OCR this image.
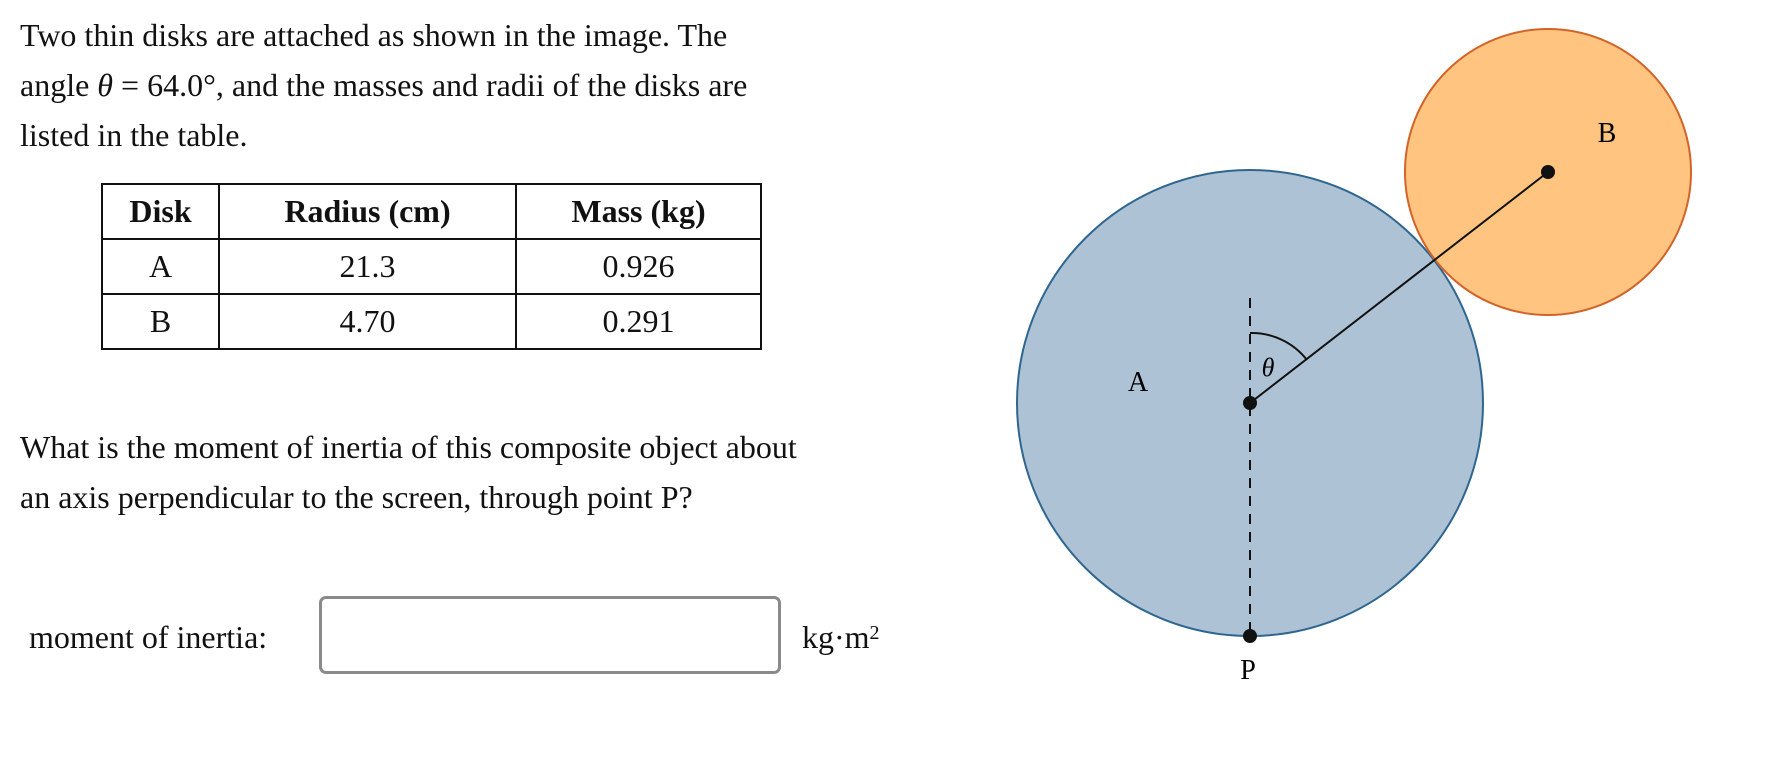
Two thin disks are attached as shown in the image. The
angle θ = 64.0°, and the masses and radii of the disks are
listed in the table.
Disk	Radius (cm)	Mass (kg)
A	21.3	0.926
B	4.70	0.291
What is the moment of inertia of this composite object about
an axis perpendicular to the screen, through point P?
moment of inertia:	$kg\cdot m^2$
A
B
P
θ
